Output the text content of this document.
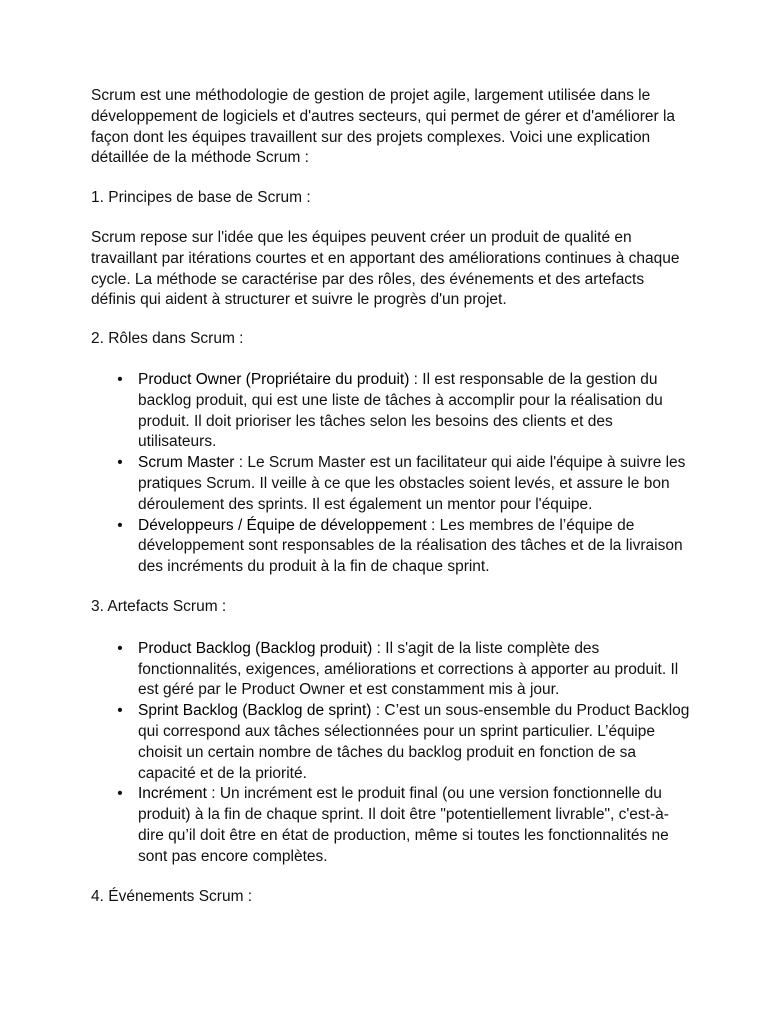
Scrum est une méthodologie de gestion de projet agile, largement utilisée dans le développement de logiciels et d'autres secteurs, qui permet de gérer et d'améliorer la façon dont les équipes travaillent sur des projets complexes. Voici une explication détaillée de la méthode Scrum :

1. Principes de base de Scrum :

Scrum repose sur l'idée que les équipes peuvent créer un produit de qualité en travaillant par itérations courtes et en apportant des améliorations continues à chaque cycle. La méthode se caractérise par des rôles, des événements et des artefacts définis qui aident à structurer et suivre le progrès d'un projet.

2. Rôles dans Scrum :
• Product Owner (Propriétaire du produit) : Il est responsable de la gestion du backlog produit, qui est une liste de tâches à accomplir pour la réalisation du produit. Il doit prioriser les tâches selon les besoins des clients et des utilisateurs.
• Scrum Master : Le Scrum Master est un facilitateur qui aide l'équipe à suivre les pratiques Scrum. Il veille à ce que les obstacles soient levés, et assure le bon déroulement des sprints. Il est également un mentor pour l'équipe.
• Développeurs / Équipe de développement : Les membres de l’équipe de développement sont responsables de la réalisation des tâches et de la livraison des incréments du produit à la fin de chaque sprint.
3. Artefacts Scrum :
• Product Backlog (Backlog produit) : Il s'agit de la liste complète des fonctionnalités, exigences, améliorations et corrections à apporter au produit. Il est géré par le Product Owner et est constamment mis à jour.
• Sprint Backlog (Backlog de sprint) : C’est un sous-ensemble du Product Backlog qui correspond aux tâches sélectionnées pour un sprint particulier. L’équipe choisit un certain nombre de tâches du backlog produit en fonction de sa capacité et de la priorité.
• Incrément : Un incrément est le produit final (ou une version fonctionnelle du produit) à la fin de chaque sprint. Il doit être "potentiellement livrable", c'est-à-dire qu’il doit être en état de production, même si toutes les fonctionnalités ne sont pas encore complètes.
4. Événements Scrum :
